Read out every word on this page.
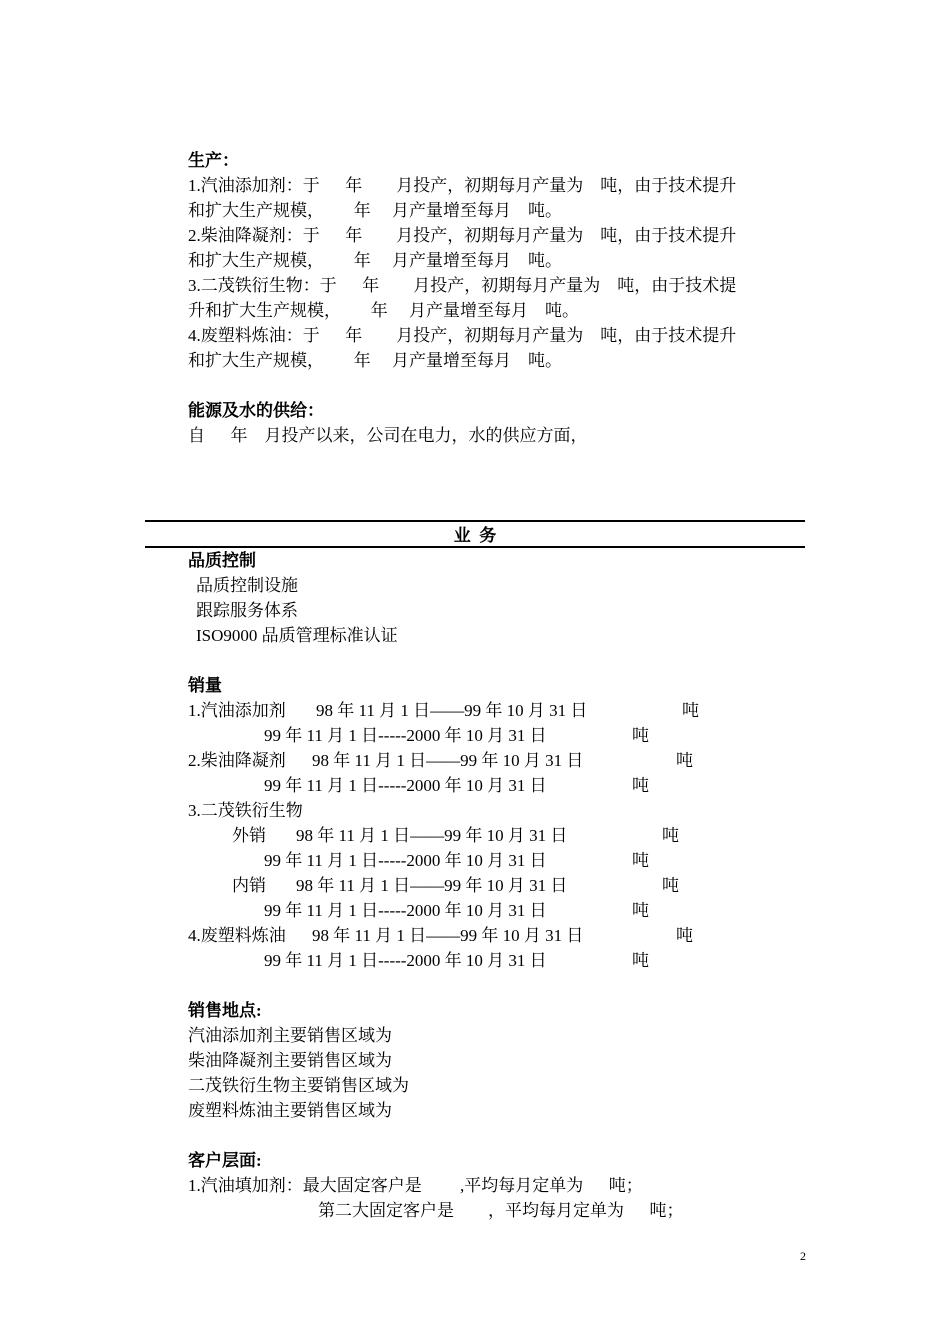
生产：
1.汽油添加剂：于      年        月投产，初期每月产量为    吨，由于技术提升
和扩大生产规模，       年     月产量增至每月    吨。
2.柴油降凝剂：于      年        月投产，初期每月产量为    吨，由于技术提升
和扩大生产规模，       年     月产量增至每月    吨。
3.二茂铁衍生物：于      年        月投产，初期每月产量为    吨，由于技术提
升和扩大生产规模，       年     月产量增至每月    吨。
4.废塑料炼油：于      年        月投产，初期每月产量为    吨，由于技术提升
和扩大生产规模，       年     月产量增至每月    吨。
能源及水的供给：
自      年    月投产以来，公司在电力，水的供应方面，
业  务
品质控制
品质控制设施
跟踪服务体系
ISO9000 品质管理标准认证
销量
1.汽油添加剂 98 年 11 月 1 日——99 年 10 月 31 日	吨
99 年 11 月 1 日-----2000 年 10 月 31 日	吨
2.柴油降凝剂 98 年 11 月 1 日——99 年 10 月 31 日	吨
99 年 11 月 1 日-----2000 年 10 月 31 日	吨
3.二茂铁衍生物
外销 98 年 11 月 1 日——99 年 10 月 31 日	吨
99 年 11 月 1 日-----2000 年 10 月 31 日	吨
内销 98 年 11 月 1 日——99 年 10 月 31 日	吨
99 年 11 月 1 日-----2000 年 10 月 31 日	吨
4.废塑料炼油 98 年 11 月 1 日——99 年 10 月 31 日	吨
99 年 11 月 1 日-----2000 年 10 月 31 日	吨
销售地点:
汽油添加剂主要销售区域为
柴油降凝剂主要销售区域为
二茂铁衍生物主要销售区域为
废塑料炼油主要销售区域为
客户层面:
1.汽油填加剂：最大固定客户是         ,平均每月定单为      吨；
第二大固定客户是        ，平均每月定单为      吨；
2
